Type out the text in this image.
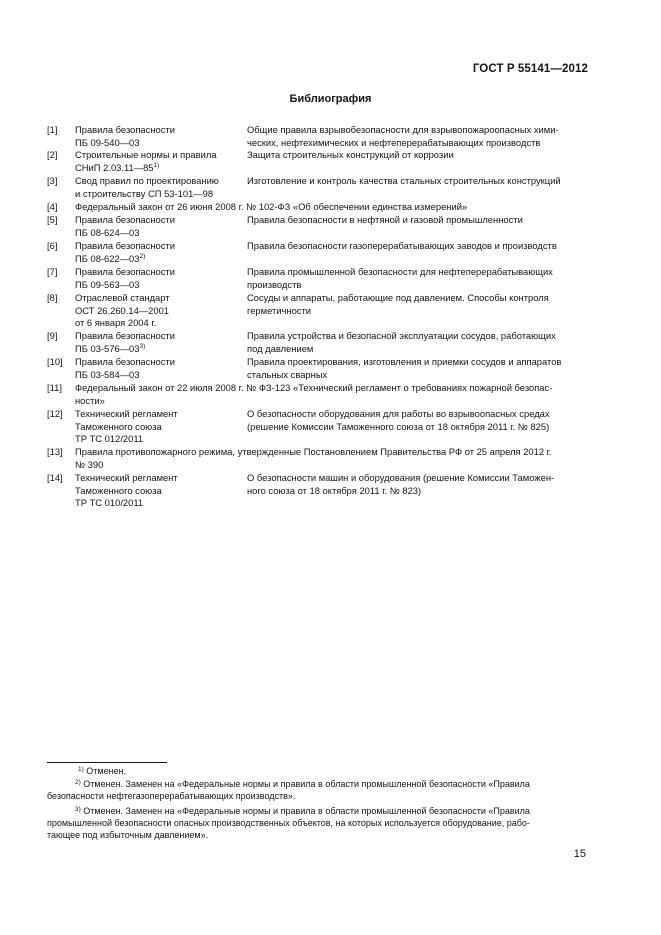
ГОСТ Р 55141—2012
Библиография
[1] Правила безопасности
ПБ 09-540—03
Общие правила взрывобезопасности для взрывопожароопасных хими-
ческих, нефтехимических и нефтеперерабатывающих производств
[2] Строительные нормы и правила
СНиП 2.03.11—85$^{1)}$
Защита строительных конструкций от коррозии
[3] Свод правил по проектированию
и строительству СП 53-101—98
Изготовление и контроль качества стальных строительных конструкций
[4] Федеральный закон от 26 июня 2008 г. № 102-ФЗ «Об обеспечении единства измерений»
[5] Правила безопасности
ПБ 08-624—03
Правила безопасности в нефтяной и газовой промышленности
[6] Правила безопасности
ПБ 08-622—03$^{2)}$
Правила безопасности газоперерабатывающих заводов и производств
[7] Правила безопасности
ПБ 09-563—03
Правила промышленной безопасности для нефтеперерабатывающих
производств
[8] Отраслевой стандарт
ОСТ 26.260.14—2001
от 6 января 2004 г.
Сосуды и аппараты, работающие под давлением. Способы контроля
герметичности
[9] Правила безопасности
ПБ 03-576—03$^{3)}$
Правила устройства и безопасной эксплуатации сосудов, работающих
под давлением
[10] Правила безопасности
ПБ 03-584—03
Правила проектирования, изготовления и приемки сосудов и аппаратов
стальных сварных
[11] Федеральный закон от 22 июля 2008 г. № ФЗ-123 «Технический регламент о требованиях пожарной безопас-
ности»
[12] Технический регламент
Таможенного союза
ТР ТС 012/2011
О безопасности оборудования для работы во взрывоопасных средах
(решение Комиссии Таможенного союза от 18 октября 2011 г. № 825)
[13] Правила противопожарного режима, утвержденные Постановлением Правительства РФ от 25 апреля 2012 г.
№ 390
[14] Технический регламент
Таможенного союза
ТР ТС 010/2011
О безопасности машин и оборудования (решение Комиссии Таможен-
ного союза от 18 октября 2011 г. № 823)
$^{1)}$ Отменен.
$^{2)}$ Отменен. Заменен на «Федеральные нормы и правила в области промышленной безопасности «Правила
безопасности нефтегазоперерабатывающих производств».
$^{3)}$ Отменен. Заменен на «Федеральные нормы и правила в области промышленной безопасности «Правила
промышленной безопасности опасных производственных объектов, на которых используется оборудование, рабо-
тающее под избыточным давлением».
15
